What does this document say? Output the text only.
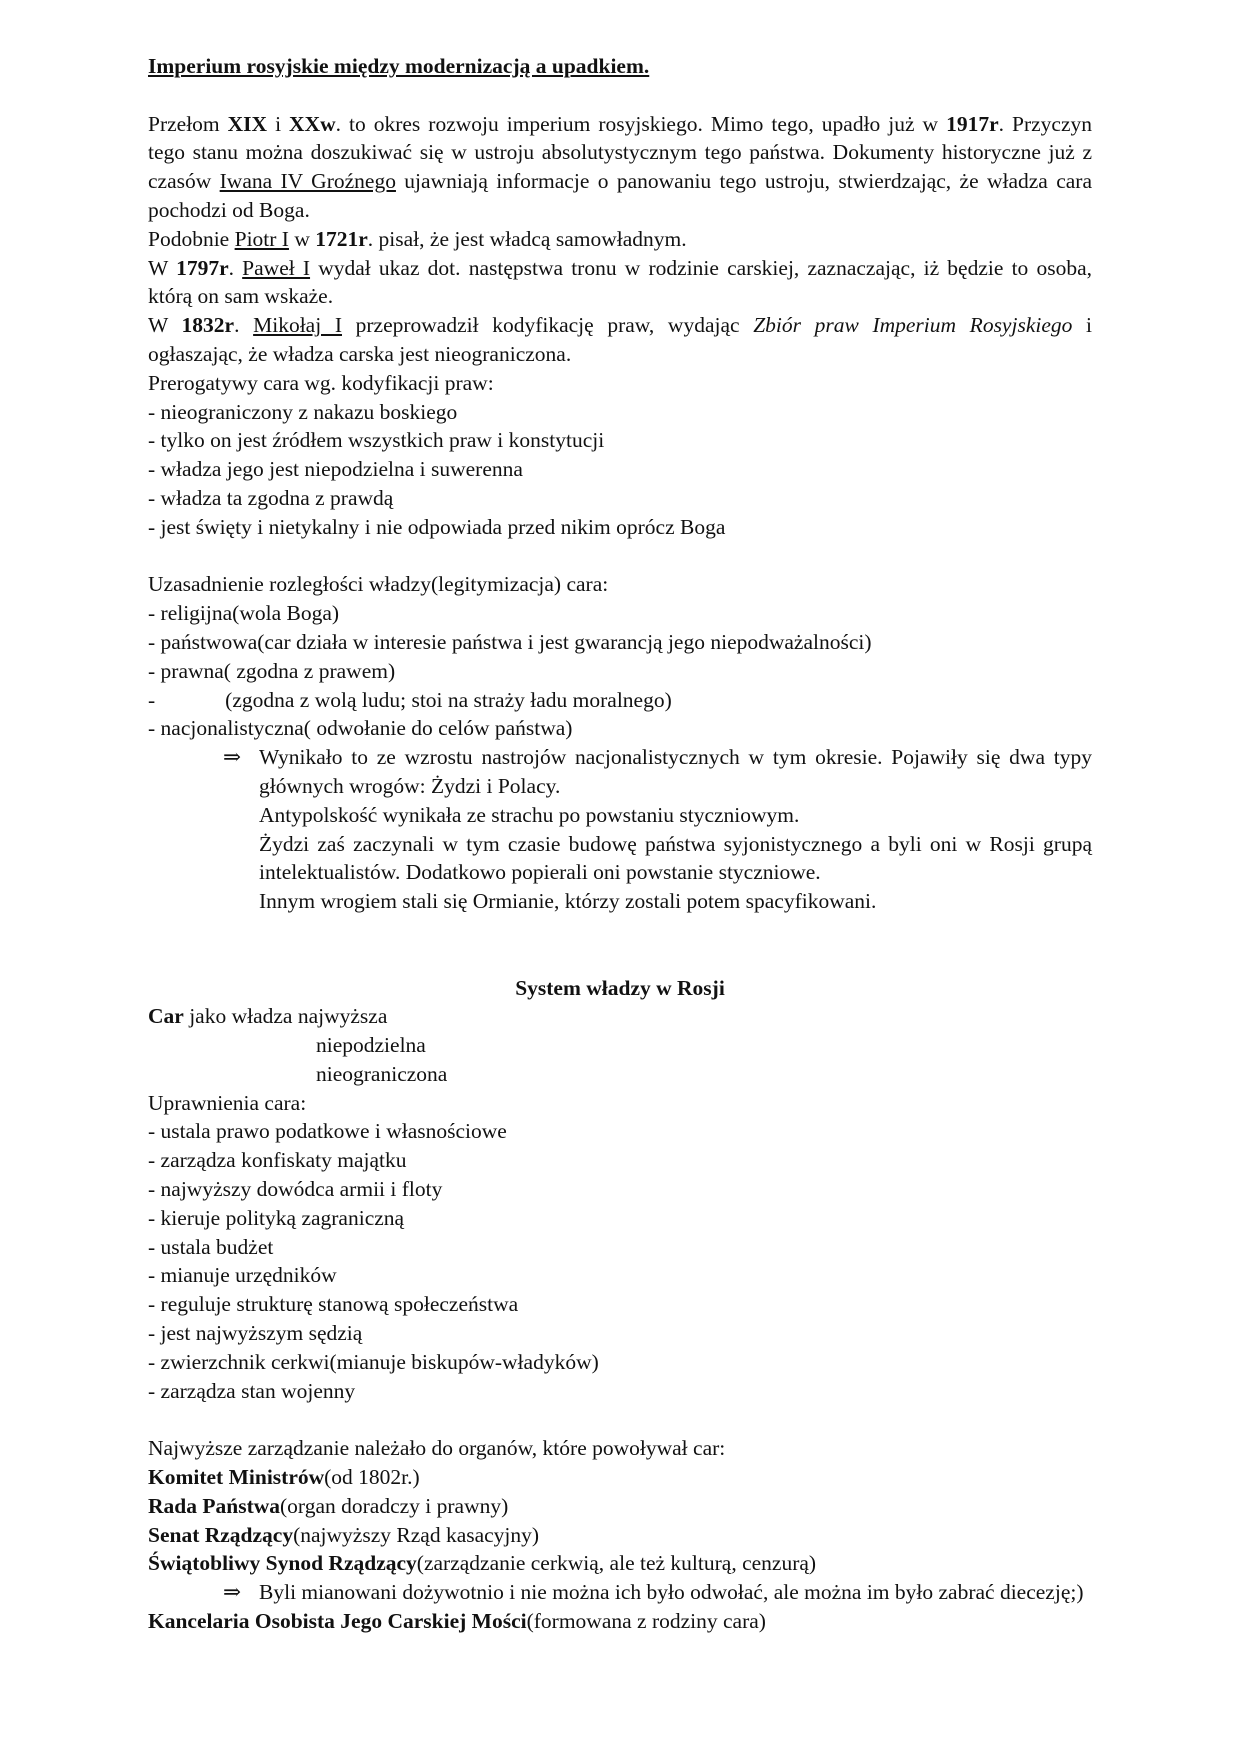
Imperium rosyjskie między modernizacją a upadkiem.

Przełom XIX i XXw. to okres rozwoju imperium rosyjskiego. Mimo tego, upadło już w 1917r. Przyczyn tego stanu można doszukiwać się w ustroju absolutystycznym tego państwa. Dokumenty historyczne już z czasów Iwana IV Groźnego ujawniają informacje o panowaniu tego ustroju, stwierdzając, że władza cara pochodzi od Boga.
Podobnie Piotr I w 1721r. pisał, że jest władcą samowładnym.
W 1797r. Paweł I wydał ukaz dot. następstwa tronu w rodzinie carskiej, zaznaczając, iż będzie to osoba, którą on sam wskaże.
W 1832r. Mikołaj I przeprowadził kodyfikację praw, wydając Zbiór praw Imperium Rosyjskiego i ogłaszając, że władza carska jest nieograniczona.
Prerogatywy cara wg. kodyfikacji praw:
- nieograniczony z nakazu boskiego
- tylko on jest źródłem wszystkich praw i konstytucji
- władza jego jest niepodzielna i suwerenna
- władza ta zgodna z prawdą
- jest święty i nietykalny i nie odpowiada przed nikim oprócz Boga
Uzasadnienie rozległości władzy(legitymizacja) cara:
- religijna(wola Boga)
- państwowa(car działa w interesie państwa i jest gwarancją jego niepodważalności)
- prawna( zgodna z prawem)
-	(zgodna z wolą ludu; stoi na straży ładu moralnego)
- nacjonalistyczna( odwołanie do celów państwa)
⇒ Wynikało to ze wzrostu nastrojów nacjonalistycznych w tym okresie. Pojawiły się dwa typy głównych wrogów: Żydzi i Polacy.
Antypolskość wynikała ze strachu po powstaniu styczniowym.
Żydzi zaś zaczynali w tym czasie budowę państwa syjonistycznego a byli oni w Rosji grupą intelektualistów. Dodatkowo popierali oni powstanie styczniowe.
Innym wrogiem stali się Ormianie, którzy zostali potem spacyfikowani.
System władzy w Rosji
Car jako władza najwyższa
niepodzielna
nieograniczona
Uprawnienia cara:
- ustala prawo podatkowe i własnościowe
- zarządza konfiskaty majątku
- najwyższy dowódca armii i floty
- kieruje polityką zagraniczną
- ustala budżet
- mianuje urzędników
- reguluje strukturę stanową społeczeństwa
- jest najwyższym sędzią
- zwierzchnik cerkwi(mianuje biskupów-władyków)
- zarządza stan wojenny
Najwyższe zarządzanie należało do organów, które powoływał car:
Komitet Ministrów(od 1802r.)
Rada Państwa(organ doradczy i prawny)
Senat Rządzący(najwyższy Rząd kasacyjny)
Świątobliwy Synod Rządzący(zarządzanie cerkwią, ale też kulturą, cenzurą)
⇒ Byli mianowani dożywotnio i nie można ich było odwołać, ale można im było zabrać diecezję;)
Kancelaria Osobista Jego Carskiej Mości(formowana z rodziny cara)
